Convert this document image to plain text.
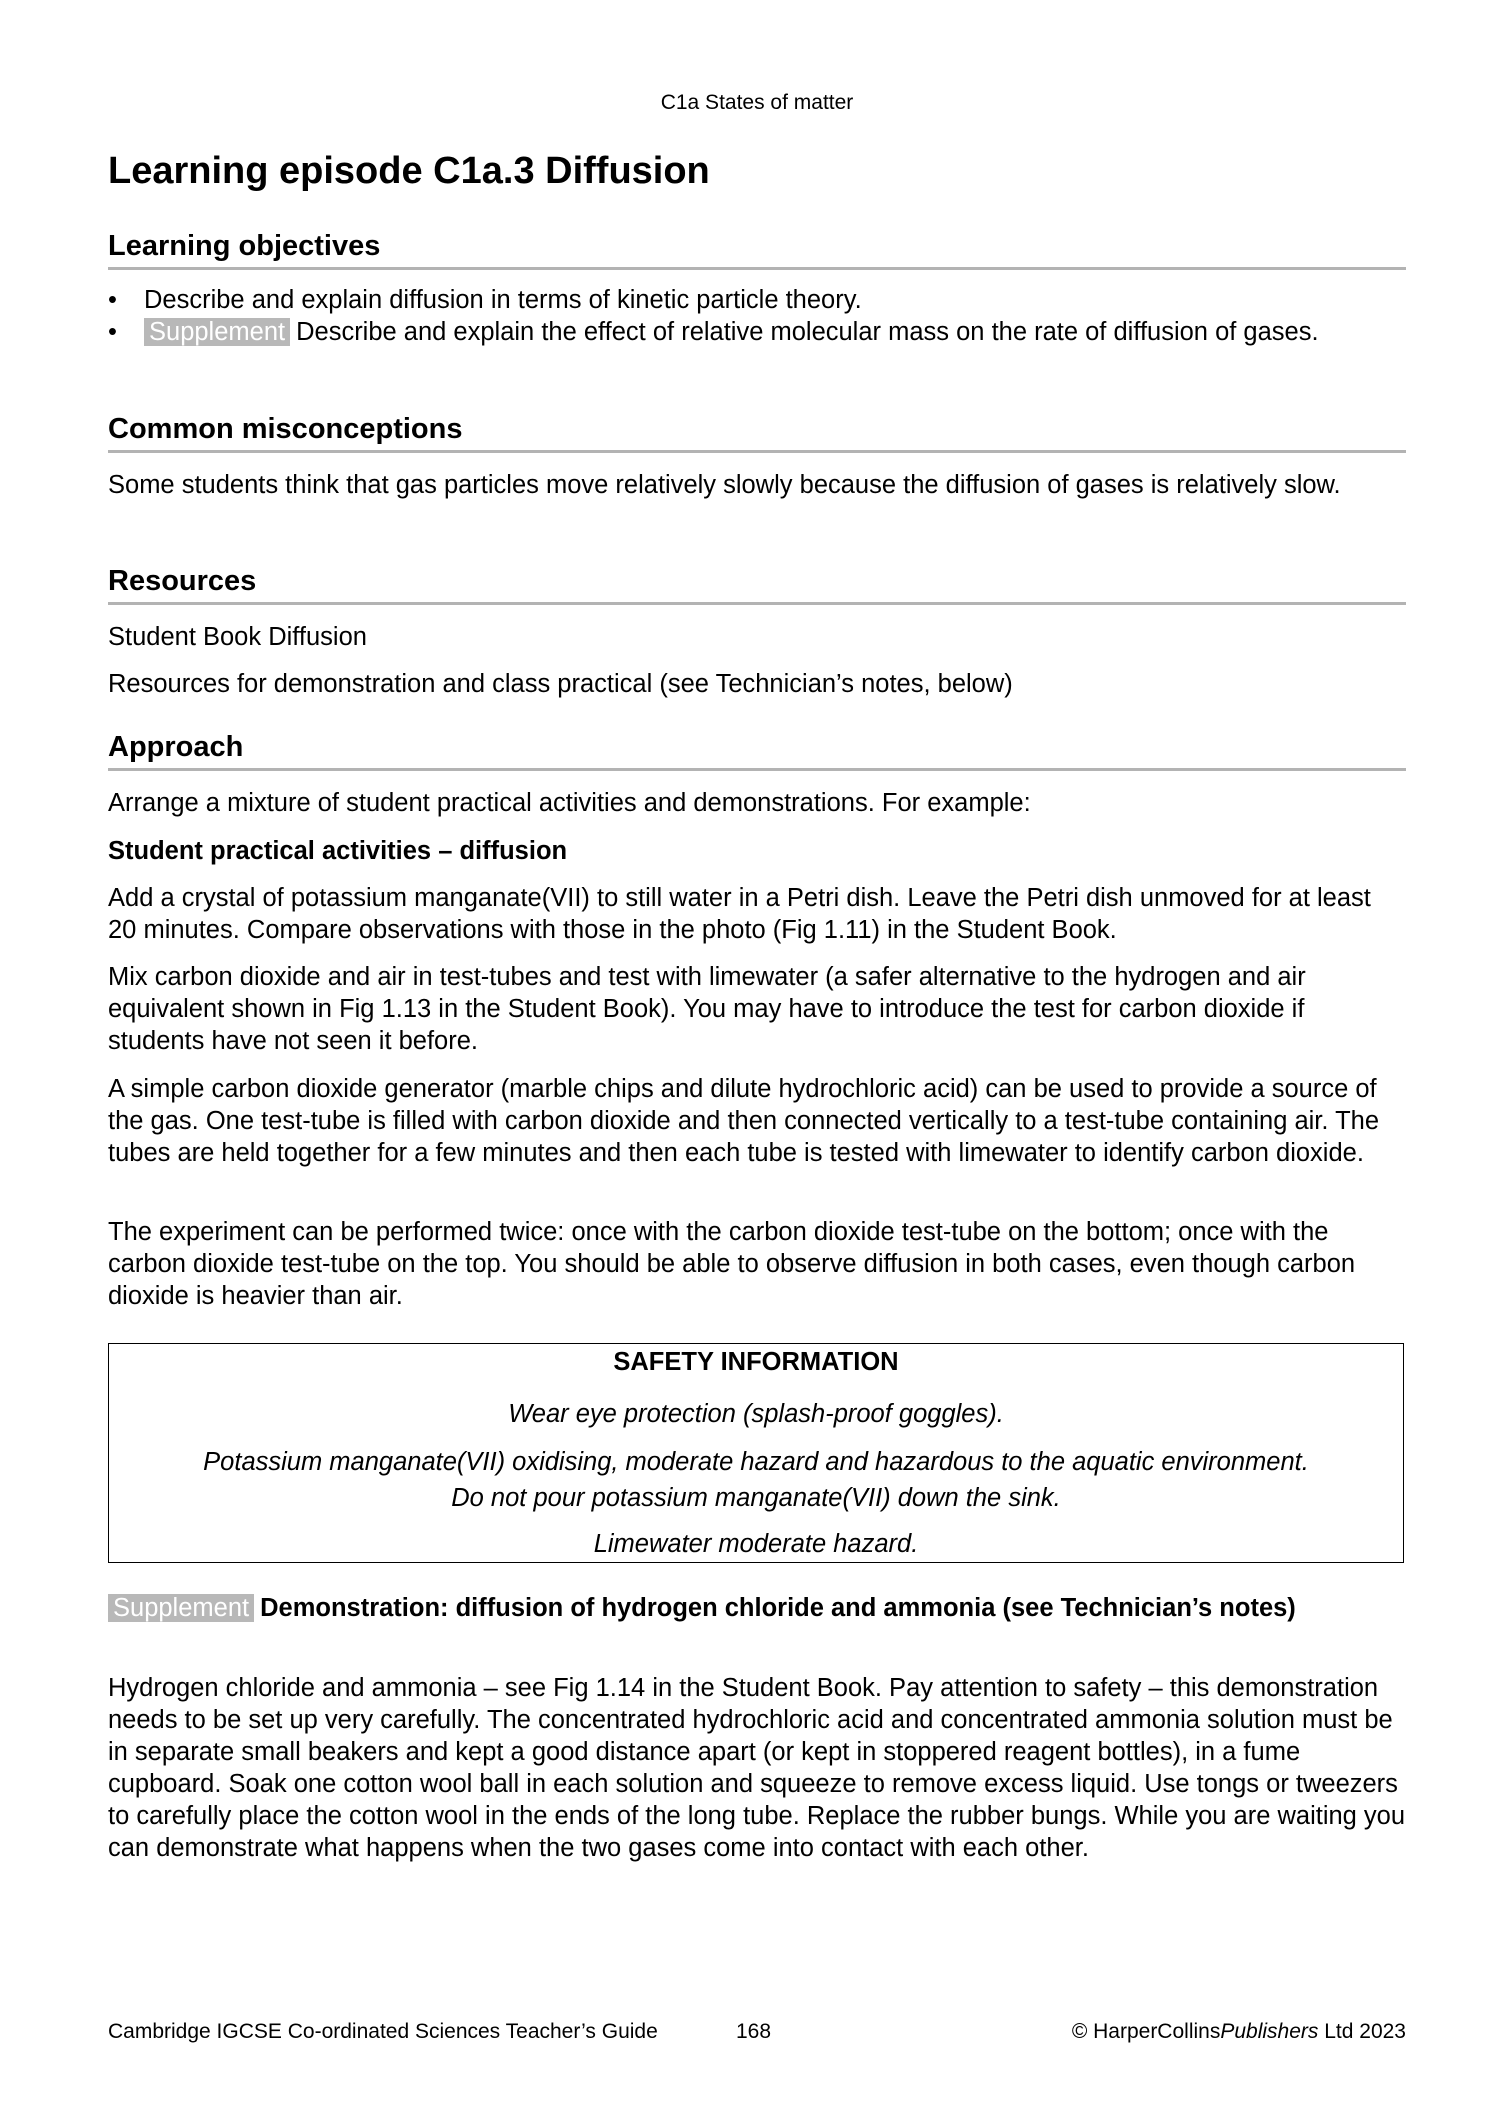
C1a States of matter
Learning episode C1a.3 Diffusion
Learning objectives
• Describe and explain diffusion in terms of kinetic particle theory.
• Supplement Describe and explain the effect of relative molecular mass on the rate of diffusion of gases.
Common misconceptions

Some students think that gas particles move relatively slowly because the diffusion of gases is relatively slow.

Resources

Student Book Diffusion

Resources for demonstration and class practical (see Technician’s notes, below)

Approach

Arrange a mixture of student practical activities and demonstrations. For example:

Student practical activities – diffusion

Add a crystal of potassium manganate(VII) to still water in a Petri dish. Leave the Petri dish unmoved for at least 20 minutes. Compare observations with those in the photo (Fig 1.11) in the Student Book.

Mix carbon dioxide and air in test-tubes and test with limewater (a safer alternative to the hydrogen and air equivalent shown in Fig 1.13 in the Student Book). You may have to introduce the test for carbon dioxide if students have not seen it before.

A simple carbon dioxide generator (marble chips and dilute hydrochloric acid) can be used to provide a source of the gas. One test-tube is filled with carbon dioxide and then connected vertically to a test-tube containing air. The tubes are held together for a few minutes and then each tube is tested with limewater to identify carbon dioxide.

The experiment can be performed twice: once with the carbon dioxide test-tube on the bottom; once with the carbon dioxide test-tube on the top. You should be able to observe diffusion in both cases, even though carbon dioxide is heavier than air.

SAFETY INFORMATION
Wear eye protection (splash-proof goggles).
Potassium manganate(VII) oxidising, moderate hazard and hazardous to the aquatic environment.
Do not pour potassium manganate(VII) down the sink.
Limewater moderate hazard.

Supplement Demonstration: diffusion of hydrogen chloride and ammonia (see Technician’s notes)

Hydrogen chloride and ammonia – see Fig 1.14 in the Student Book. Pay attention to safety – this demonstration needs to be set up very carefully. The concentrated hydrochloric acid and concentrated ammonia solution must be in separate small beakers and kept a good distance apart (or kept in stoppered reagent bottles), in a fume cupboard. Soak one cotton wool ball in each solution and squeeze to remove excess liquid. Use tongs or tweezers to carefully place the cotton wool in the ends of the long tube. Replace the rubber bungs. While you are waiting you can demonstrate what happens when the two gases come into contact with each other.

Cambridge IGCSE Co-ordinated Sciences Teacher’s Guide	168	© HarperCollinsPublishers Ltd 2023
